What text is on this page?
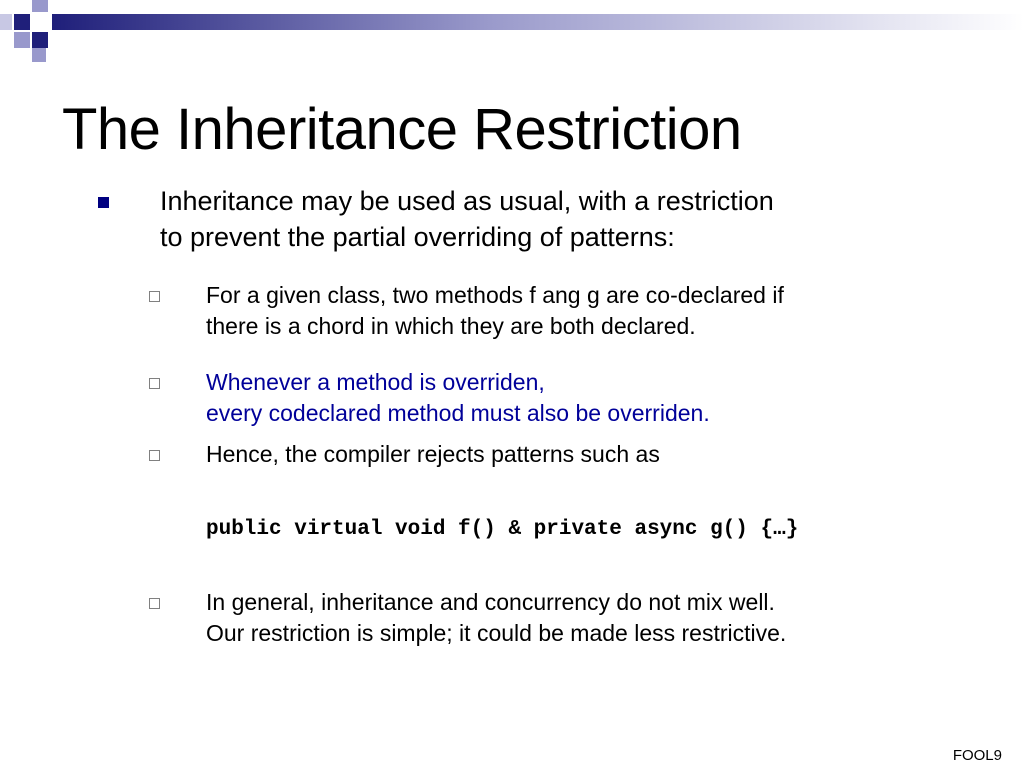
The Inheritance Restriction
Inheritance may be used as usual, with a restriction
to prevent the partial overriding of patterns:
For a given class, two methods f ang g are co-declared if
there is a chord in which they are both declared.
Whenever a method is overriden,
every codeclared method must also be overriden.
Hence, the compiler rejects patterns such as
public virtual void f() & private async g() {…}
In general, inheritance and concurrency do not mix well.
Our restriction is simple; it could be made less restrictive.
FOOL9
